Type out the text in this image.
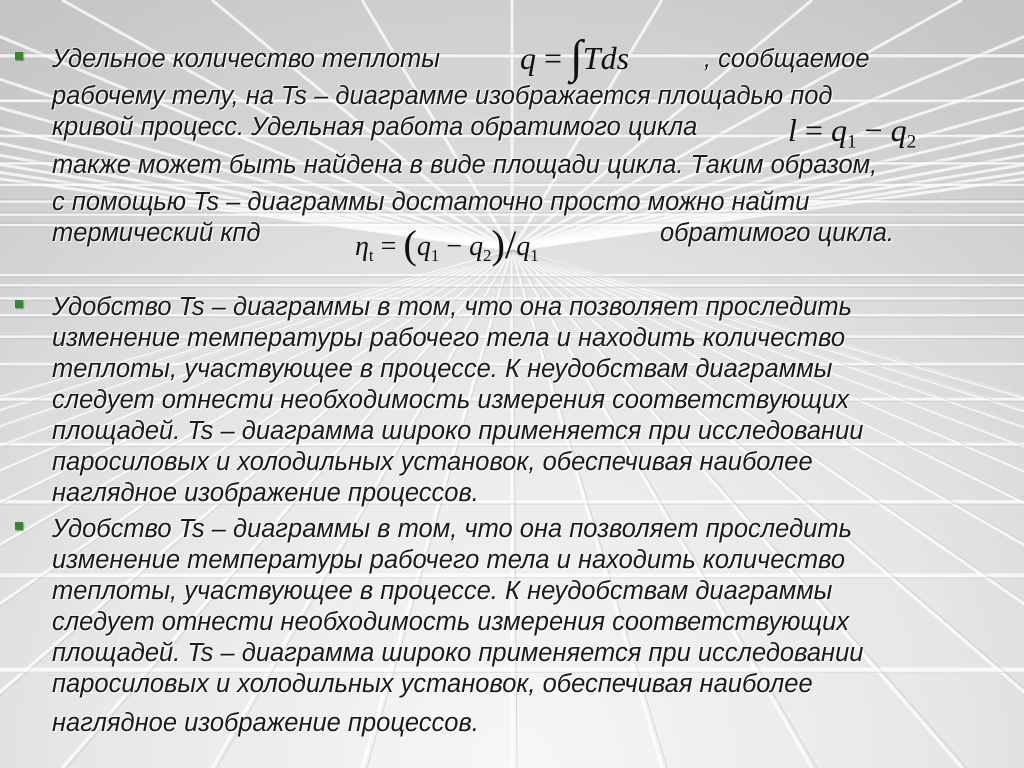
Удельное количество теплоты q = ∫Tds	, сообщаемое
рабочему телу, на Ts – диаграмме изображается площадью под
кривой процесс. Удельная работа обратимого цикла	$l = q_1 - q_2$
также может быть найдена в виде площади цикла. Таким образом,
с помощью Ts – диаграммы достаточно просто можно найти
термический кпд	$\eta_t = (q_1 - q_2)/q_1$
обратимого цикла.
Удобство Ts – диаграммы в том, что она позволяет проследить
изменение температуры рабочего тела и находить количество
теплоты, участвующее в процессе. К неудобствам диаграммы
следует отнести необходимость измерения соответствующих
площадей. Ts – диаграмма широко применяется при исследовании
паросиловых и холодильных установок, обеспечивая наиболее
наглядное изображение процессов.
Удобство Ts – диаграммы в том, что она позволяет проследить
изменение температуры рабочего тела и находить количество
теплоты, участвующее в процессе. К неудобствам диаграммы
следует отнести необходимость измерения соответствующих
площадей. Ts – диаграмма широко применяется при исследовании
паросиловых и холодильных установок, обеспечивая наиболее
наглядное изображение процессов.
